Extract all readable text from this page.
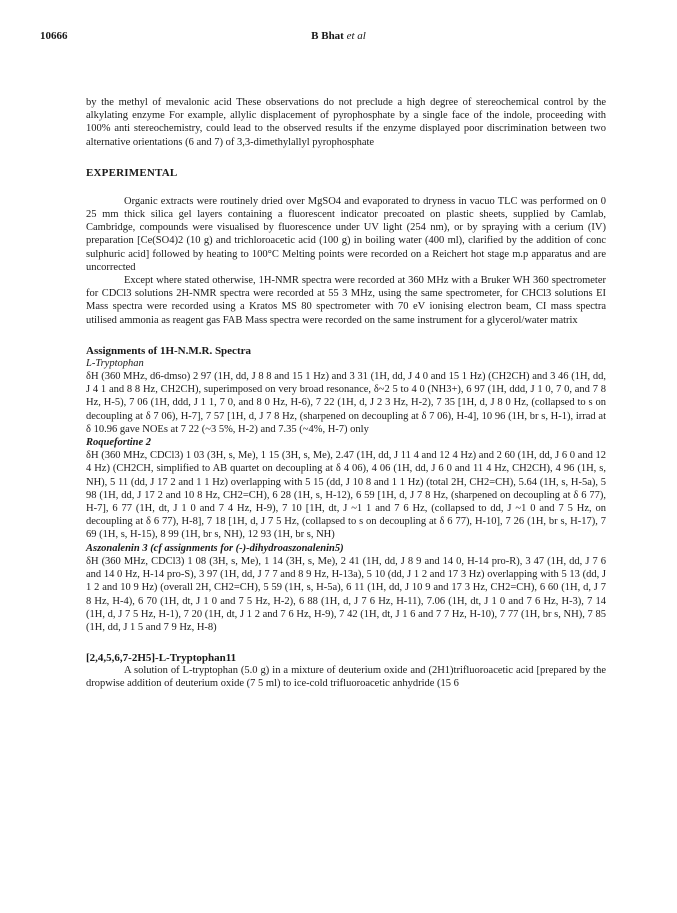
10666	B Bhat et al

by the methyl of mevalonic acid These observations do not preclude a high degree of stereochemical control by the alkylating enzyme For example, allylic displacement of pyrophosphate by a single face of the indole, proceeding with 100% anti stereochemistry, could lead to the observed results if the enzyme displayed poor discrimination between two alternative orientations (6 and 7) of 3,3-dimethylallyl pyrophosphate

EXPERIMENTAL

Organic extracts were routinely dried over MgSO4 and evaporated to dryness in vacuo TLC was performed on 0 25 mm thick silica gel layers containing a fluorescent indicator precoated on plastic sheets, supplied by Camlab, Cambridge, compounds were visualised by fluorescence under UV light (254 nm), or by spraying with a cerium (IV) preparation [Ce(SO4)2 (10 g) and trichloroacetic acid (100 g) in boiling water (400 ml), clarified by the addition of conc sulphuric acid] followed by heating to 100°C Melting points were recorded on a Reichert hot stage m.p apparatus and are uncorrected

Except where stated otherwise, 1H-NMR spectra were recorded at 360 MHz with a Bruker WH 360 spectrometer for CDCl3 solutions 2H-NMR spectra were recorded at 55 3 MHz, using the same spectrometer, for CHCl3 solutions EI Mass spectra were recorded using a Kratos MS 80 spectrometer with 70 eV ionising electron beam, CI mass spectra utilised ammonia as reagent gas FAB Mass spectra were recorded on the same instrument for a glycerol/water matrix

Assignments of 1H-N.M.R. Spectra
L-Tryptophan

δH (360 MHz, d6-dmso) 2 97 (1H, dd, J 8 8 and 15 1 Hz) and 3 31 (1H, dd, J 4 0 and 15 1 Hz) (CH2CH) and 3 46 (1H, dd, J 4 1 and 8 8 Hz, CH2CH), superimposed on very broad resonance, δ~2 5 to 4 0 (NH3+), 6 97 (1H, ddd, J 1 0, 7 0, and 7 8 Hz, H-5), 7 06 (1H, ddd, J 1 1, 7 0, and 8 0 Hz, H-6), 7 22 (1H, d, J 2 3 Hz, H-2), 7 35 [1H, d, J 8 0 Hz, (collapsed to s on decoupling at δ 7 06), H-7], 7 57 [1H, d, J 7 8 Hz, (sharpened on decoupling at δ 7 06), H-4], 10 96 (1H, br s, H-1), irrad at δ 10.96 gave NOEs at 7 22 (~3 5%, H-2) and 7.35 (~4%, H-7) only

Roquefortine 2

δH (360 MHz, CDCl3) 1 03 (3H, s, Me), 1 15 (3H, s, Me), 2.47 (1H, dd, J 11 4 and 12 4 Hz) and 2 60 (1H, dd, J 6 0 and 12 4 Hz) (CH2CH, simplified to AB quartet on decoupling at δ 4 06), 4 06 (1H, dd, J 6 0 and 11 4 Hz, CH2CH), 4 96 (1H, s, NH), 5 11 (dd, J 17 2 and 1 1 Hz) overlapping with 5 15 (dd, J 10 8 and 1 1 Hz) (total 2H, CH2=CH), 5.64 (1H, s, H-5a), 5 98 (1H, dd, J 17 2 and 10 8 Hz, CH2=CH), 6 28 (1H, s, H-12), 6 59 [1H, d, J 7 8 Hz, (sharpened on decoupling at δ 6 77), H-7], 6 77 (1H, dt, J 1 0 and 7 4 Hz, H-9), 7 10 [1H, dt, J ~1 1 and 7 6 Hz, (collapsed to dd, J ~1 0 and 7 5 Hz, on decoupling at δ 6 77), H-8], 7 18 [1H, d, J 7 5 Hz, (collapsed to s on decoupling at δ 6 77), H-10], 7 26 (1H, br s, H-17), 7 69 (1H, s, H-15), 8 99 (1H, br s, NH), 12 93 (1H, br s, NH)

Aszonalenin 3 (cf assignments for (-)-dihydroaszonalenin5)

δH (360 MHz, CDCl3) 1 08 (3H, s, Me), 1 14 (3H, s, Me), 2 41 (1H, dd, J 8 9 and 14 0, H-14 pro-R), 3 47 (1H, dd, J 7 6 and 14 0 Hz, H-14 pro-S), 3 97 (1H, dd, J 7 7 and 8 9 Hz, H-13a), 5 10 (dd, J 1 2 and 17 3 Hz) overlapping with 5 13 (dd, J 1 2 and 10 9 Hz) (overall 2H, CH2=CH), 5 59 (1H, s, H-5a), 6 11 (1H, dd, J 10 9 and 17 3 Hz, CH2=CH), 6 60 (1H, d, J 7 8 Hz, H-4), 6 70 (1H, dt, J 1 0 and 7 5 Hz, H-2), 6 88 (1H, d, J 7 6 Hz, H-11), 7.06 (1H, dt, J 1 0 and 7 6 Hz, H-3), 7 14 (1H, d, J 7 5 Hz, H-1), 7 20 (1H, dt, J 1 2 and 7 6 Hz, H-9), 7 42 (1H, dt, J 1 6 and 7 7 Hz, H-10), 7 77 (1H, br s, NH), 7 85 (1H, dd, J 1 5 and 7 9 Hz, H-8)

[2,4,5,6,7-2H5]-L-Tryptophan11

A solution of L-tryptophan (5.0 g) in a mixture of deuterium oxide and (2H1)trifluoroacetic acid [prepared by the dropwise addition of deuterium oxide (7 5 ml) to ice-cold trifluoroacetic anhydride (15 6
